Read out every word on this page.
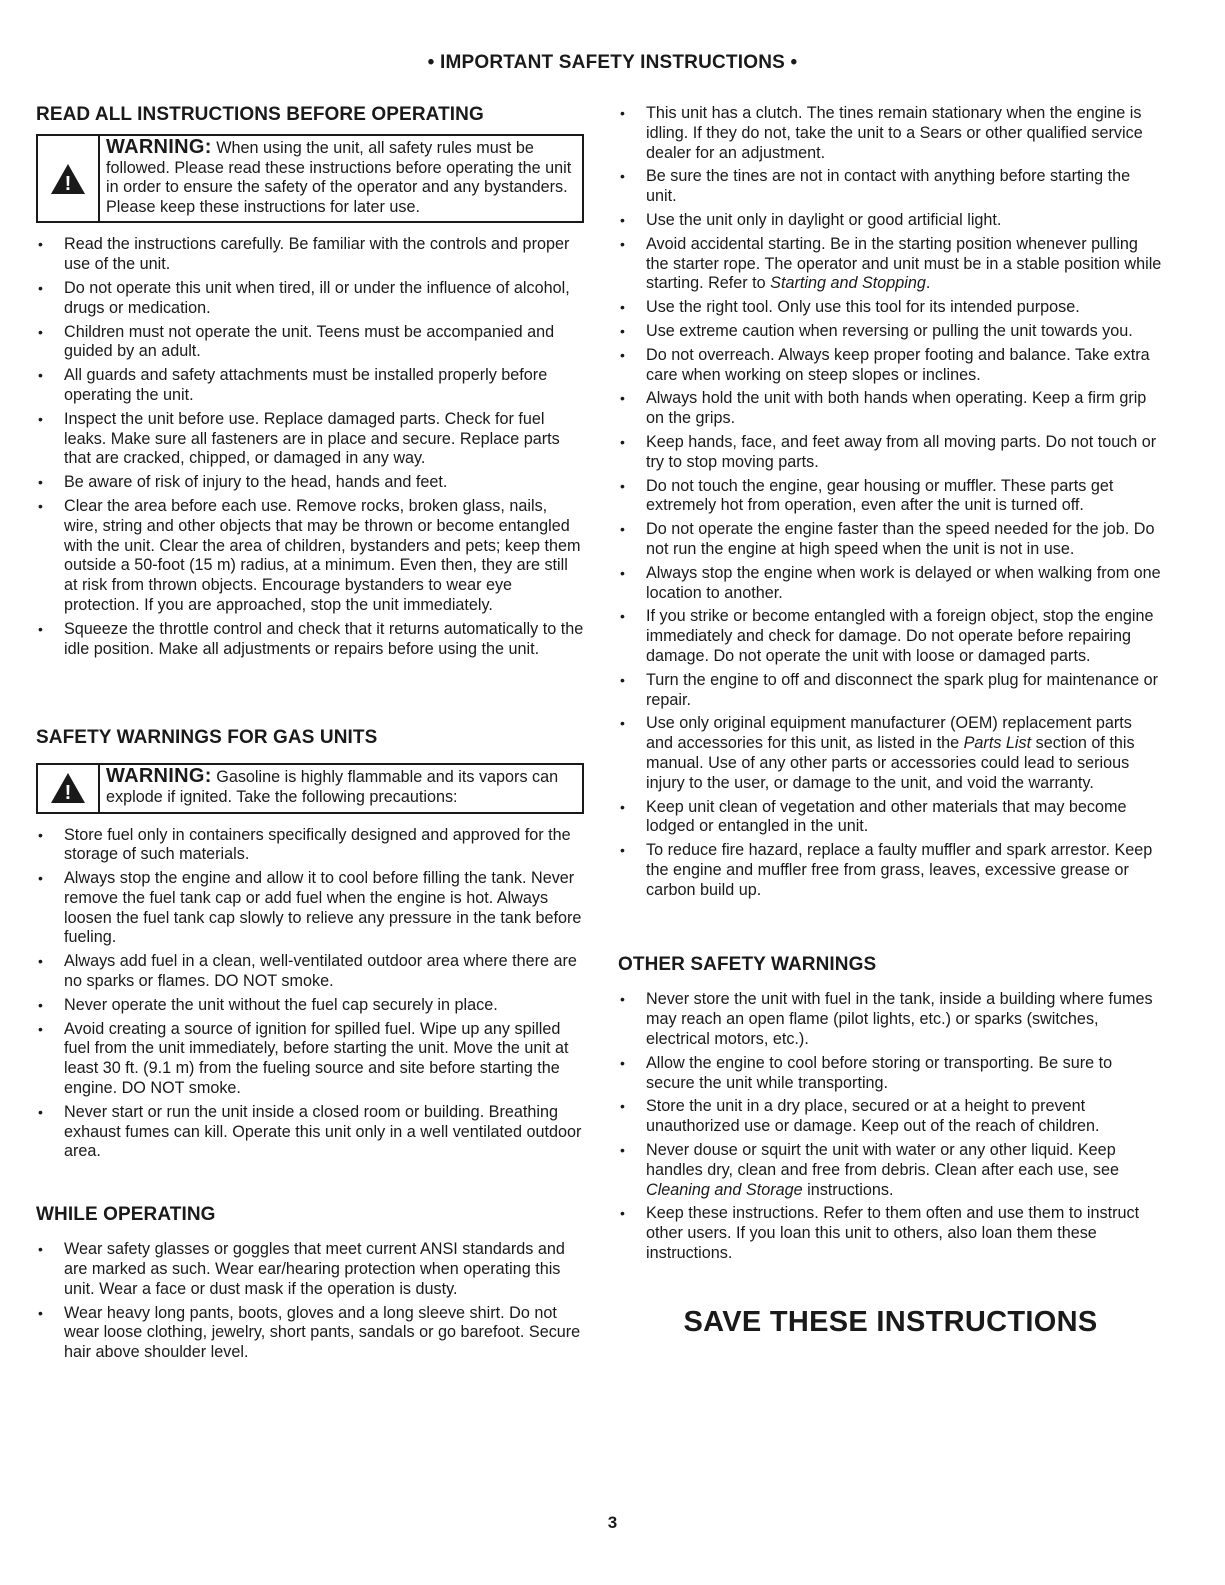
• IMPORTANT SAFETY INSTRUCTIONS •
READ ALL INSTRUCTIONS BEFORE OPERATING
!
WARNING: When using the unit, all safety rules must be followed. Please read these instructions before operating the unit in order to ensure the safety of the operator and any bystanders. Please keep these instructions for later use.
• Read the instructions carefully. Be familiar with the controls and proper use of the unit.
• Do not operate this unit when tired, ill or under the influence of alcohol, drugs or medication.
• Children must not operate the unit. Teens must be accompanied and guided by an adult.
• All guards and safety attachments must be installed properly before operating the unit.
• Inspect the unit before use. Replace damaged parts. Check for fuel leaks. Make sure all fasteners are in place and secure. Replace parts that are cracked, chipped, or damaged in any way.
• Be aware of risk of injury to the head, hands and feet.
• Clear the area before each use. Remove rocks, broken glass, nails, wire, string and other objects that may be thrown or become entangled with the unit. Clear the area of children, bystanders and pets; keep them outside a 50-foot (15 m) radius, at a minimum. Even then, they are still at risk from thrown objects. Encourage bystanders to wear eye protection. If you are approached, stop the unit immediately.
• Squeeze the throttle control and check that it returns automatically to the idle position. Make all adjustments or repairs before using the unit.
SAFETY WARNINGS FOR GAS UNITS
!
WARNING: Gasoline is highly flammable and its vapors can explode if ignited. Take the following precautions:
• Store fuel only in containers specifically designed and approved for the storage of such materials.
• Always stop the engine and allow it to cool before filling the tank. Never remove the fuel tank cap or add fuel when the engine is hot. Always loosen the fuel tank cap slowly to relieve any pressure in the tank before fueling.
• Always add fuel in a clean, well-ventilated outdoor area where there are no sparks or flames. DO NOT smoke.
• Never operate the unit without the fuel cap securely in place.
• Avoid creating a source of ignition for spilled fuel. Wipe up any spilled fuel from the unit immediately, before starting the unit. Move the unit at least 30 ft. (9.1 m) from the fueling source and site before starting the engine. DO NOT smoke.
• Never start or run the unit inside a closed room or building. Breathing exhaust fumes can kill. Operate this unit only in a well ventilated outdoor area.
WHILE OPERATING
• Wear safety glasses or goggles that meet current ANSI standards and are marked as such. Wear ear/hearing protection when operating this unit. Wear a face or dust mask if the operation is dusty.
• Wear heavy long pants, boots, gloves and a long sleeve shirt. Do not wear loose clothing, jewelry, short pants, sandals or go barefoot. Secure hair above shoulder level.
• This unit has a clutch. The tines remain stationary when the engine is idling. If they do not, take the unit to a Sears or other qualified service dealer for an adjustment.
• Be sure the tines are not in contact with anything before starting the unit.
• Use the unit only in daylight or good artificial light.
• Avoid accidental starting. Be in the starting position whenever pulling the starter rope. The operator and unit must be in a stable position while starting. Refer to Starting and Stopping.
• Use the right tool. Only use this tool for its intended purpose.
• Use extreme caution when reversing or pulling the unit towards you.
• Do not overreach. Always keep proper footing and balance. Take extra care when working on steep slopes or inclines.
• Always hold the unit with both hands when operating. Keep a firm grip on the grips.
• Keep hands, face, and feet away from all moving parts. Do not touch or try to stop moving parts.
• Do not touch the engine, gear housing or muffler. These parts get extremely hot from operation, even after the unit is turned off.
• Do not operate the engine faster than the speed needed for the job. Do not run the engine at high speed when the unit is not in use.
• Always stop the engine when work is delayed or when walking from one location to another.
• If you strike or become entangled with a foreign object, stop the engine immediately and check for damage. Do not operate before repairing damage. Do not operate the unit with loose or damaged parts.
• Turn the engine to off and disconnect the spark plug for maintenance or repair.
• Use only original equipment manufacturer (OEM) replacement parts and accessories for this unit, as listed in the Parts List section of this manual. Use of any other parts or accessories could lead to serious injury to the user, or damage to the unit, and void the warranty.
• Keep unit clean of vegetation and other materials that may become lodged or entangled in the unit.
• To reduce fire hazard, replace a faulty muffler and spark arrestor. Keep the engine and muffler free from grass, leaves, excessive grease or carbon build up.
OTHER SAFETY WARNINGS
• Never store the unit with fuel in the tank, inside a building where fumes may reach an open flame (pilot lights, etc.) or sparks (switches, electrical motors, etc.).
• Allow the engine to cool before storing or transporting. Be sure to secure the unit while transporting.
• Store the unit in a dry place, secured or at a height to prevent unauthorized use or damage. Keep out of the reach of children.
• Never douse or squirt the unit with water or any other liquid. Keep handles dry, clean and free from debris. Clean after each use, see Cleaning and Storage instructions.
• Keep these instructions. Refer to them often and use them to instruct other users. If you loan this unit to others, also loan them these instructions.
SAVE THESE INSTRUCTIONS
3
